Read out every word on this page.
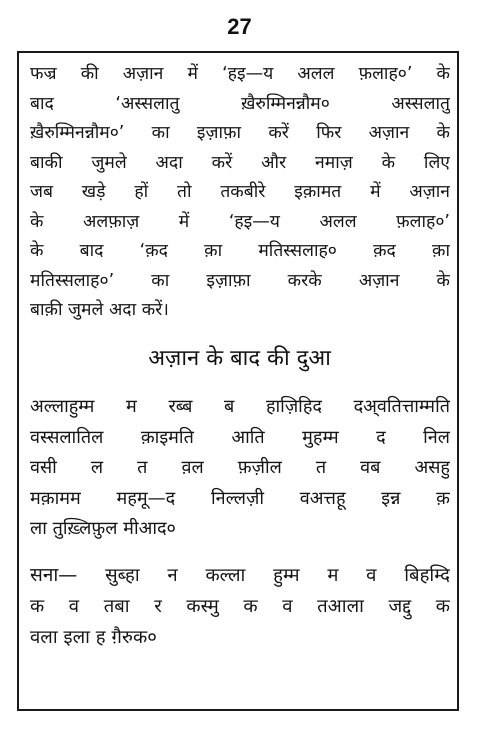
27

फज्र की अज़ान में ‘हइ—य अलल फ़लाह०’ के
बाद ‘अस्सलातु ख़ैरुम्मिनन्नौम० अस्सलातु
ख़ैरुम्मिनन्नौम०’ का इज़ाफ़ा करें फिर अज़ान के
बाकी जुमले अदा करें और नमाज़ के लिए
जब खड़े हों तो तकबीरे इक़ामत में अज़ान
के अलफ़ाज़ में ‘हइ—य अलल फ़लाह०’
के बाद ‘क़द क़ा मतिस्सलाह० क़द क़ा
मतिस्सलाह०’ का इज़ाफ़ा करके अज़ान के
बाक़ी जुमले अदा करें।

अज़ान के बाद की दुआ

अल्लाहुम्म म रब्ब ब हाज़िहिद दअ्वतित्ताम्मति
वस्सलातिल क़ाइमति आति मुहम्म द निल
वसी ल त व़ल फ़ज़ील त वब असहु
मक़ामम महमू—द निल्लज़ी वअत्तहू इन्न क़
ला तुख़्लिफ़ुल मीआद०

सना— सुब्हा न कल्ला हुम्म म व बिहम्दि
क व तबा र कस्मु क व तआला जद्दु क
वला इला ह ग़ैरुक०
